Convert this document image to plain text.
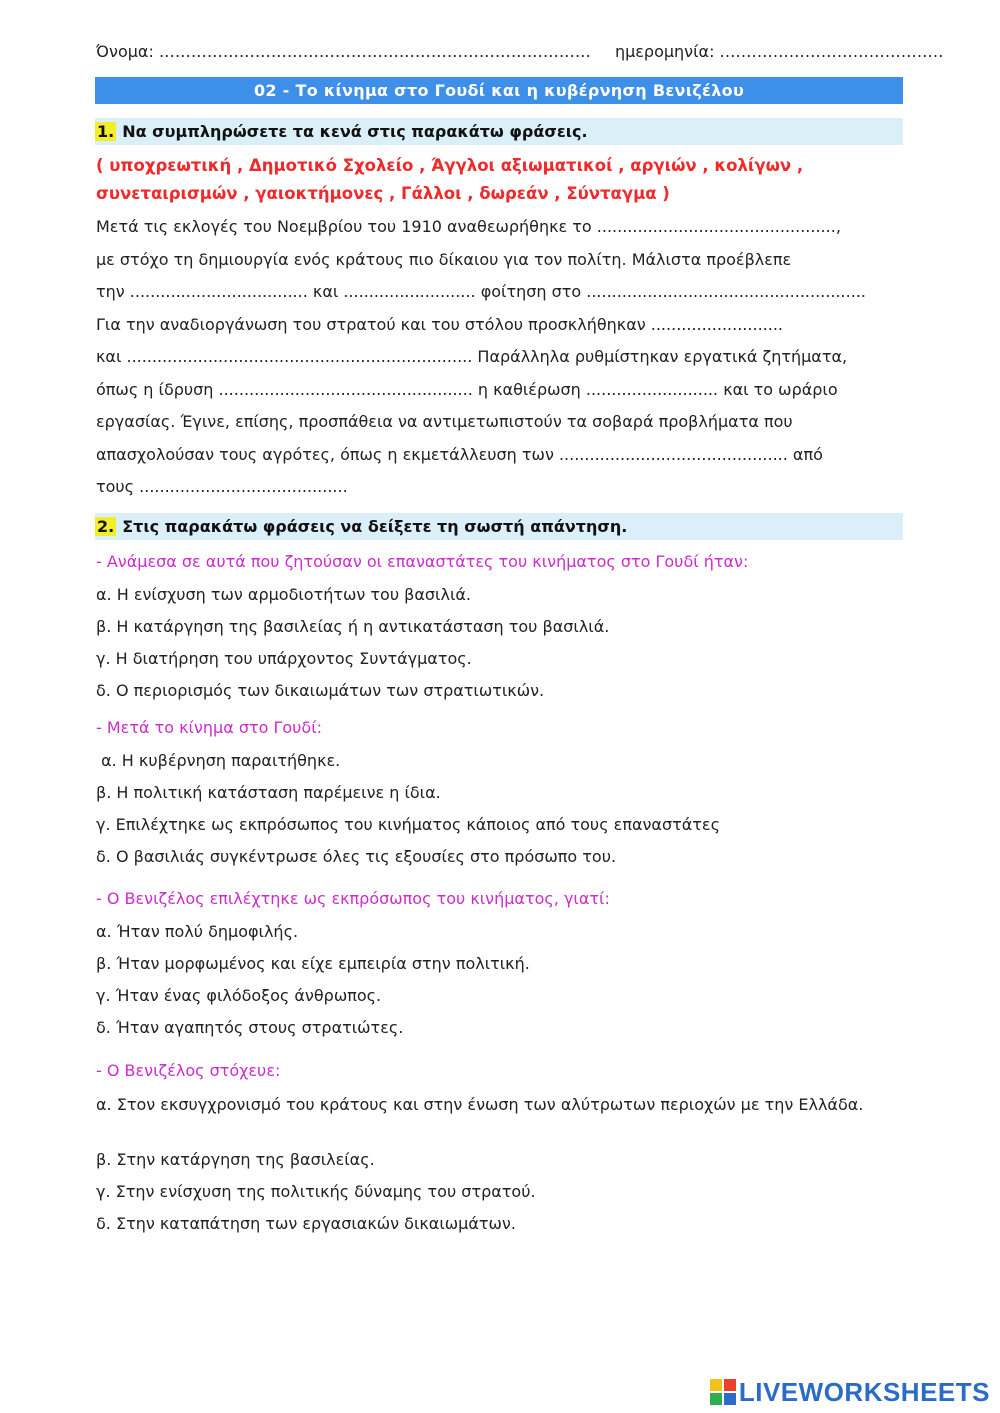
Όνομα: ……………………………………………………………………… ημερομηνία: ……………………………………
02 - Το κίνημα στο Γουδί και η κυβέρνηση Βενιζέλου
1. Να συμπληρώσετε τα κενά στις παρακάτω φράσεις.
( υποχρεωτική , Δημοτικό Σχολείο , Άγγλοι αξιωματικοί , αργιών , κολίγων ,
συνεταιρισμών , γαιοκτήμονες , Γάλλοι , δωρεάν , Σύνταγμα )
Μετά τις εκλογές του Νοεμβρίου του 1910 αναθεωρήθηκε το ...............................................,
με στόχο τη δημιουργία ενός κράτους πιο δίκαιου για τον πολίτη. Μάλιστα προέβλεπε
την ................................... και .......................... φοίτηση στο .......................................................
Για την αναδιοργάνωση του στρατού και του στόλου προσκλήθηκαν ..........................
και .................................................................... Παράλληλα ρυθμίστηκαν εργατικά ζητήματα,
όπως η ίδρυση .................................................. η καθιέρωση .......................... και το ωράριο
εργασίας. Έγινε, επίσης, προσπάθεια να αντιμετωπιστούν τα σοβαρά προβλήματα που
απασχολούσαν τους αγρότες, όπως η εκμετάλλευση των ............................................. από
τους .........................................
2. Στις παρακάτω φράσεις να δείξετε τη σωστή απάντηση.
- Ανάμεσα σε αυτά που ζητούσαν οι επαναστάτες του κινήματος στο Γουδί ήταν:
α. Η ενίσχυση των αρμοδιοτήτων του βασιλιά.
β. Η κατάργηση της βασιλείας ή η αντικατάσταση του βασιλιά.
γ. Η διατήρηση του υπάρχοντος Συντάγματος.
δ. Ο περιορισμός των δικαιωμάτων των στρατιωτικών.
- Μετά το κίνημα στο Γουδί:
α. Η κυβέρνηση παραιτήθηκε.
β. Η πολιτική κατάσταση παρέμεινε η ίδια.
γ. Επιλέχτηκε ως εκπρόσωπος του κινήματος κάποιος από τους επαναστάτες
δ. Ο βασιλιάς συγκέντρωσε όλες τις εξουσίες στο πρόσωπο του.
- Ο Βενιζέλος επιλέχτηκε ως εκπρόσωπος του κινήματος, γιατί:
α. Ήταν πολύ δημοφιλής.
β. Ήταν μορφωμένος και είχε εμπειρία στην πολιτική.
γ. Ήταν ένας φιλόδοξος άνθρωπος.
δ. Ήταν αγαπητός στους στρατιώτες.
- Ο Βενιζέλος στόχευε:
α. Στον εκσυγχρονισμό του κράτους και στην ένωση των αλύτρωτων περιοχών με την Ελλάδα.
β. Στην κατάργηση της βασιλείας.
γ. Στην ενίσχυση της πολιτικής δύναμης του στρατού.
δ. Στην καταπάτηση των εργασιακών δικαιωμάτων.
LIVEWORKSHEETS
